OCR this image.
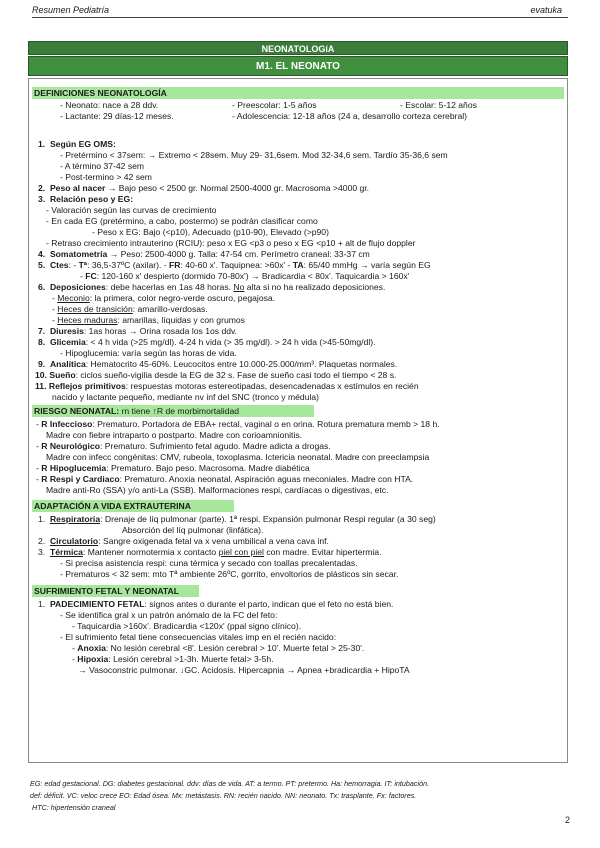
Resumen Pediatría	evatuka
NEONATOLOGíA
M1. EL NEONATO
DEFINICIONES NEONATOLOGÍA
- Neonato: nace a 28 ddv.	- Preescolar: 1-5 años	- Escolar: 5-12 años
- Lactante: 29 días-12 meses.	- Adolescencia: 12-18 años (24 a, desarrollo corteza cerebral)
1. Según EG OMS:
- Pretérmino < 37sem: → Extremo < 28sem. Muy 29- 31,6sem. Mod 32-34,6 sem. Tardío 35-36,6 sem
- A término 37-42 sem
- Post-termino > 42 sem
2. Peso al nacer → Bajo peso < 2500 gr. Normal 2500-4000 gr. Macrosoma >4000 gr.
3. Relación peso y EG:
- Valoración según las curvas de crecimiento
- En cada EG (pretérmino, a cabo, postermo) se podrán clasificar como
- Peso x EG: Bajo (<p10), Adecuado (p10-90), Elevado (>p90)
- Retraso crecimiento intrauterino (RCIU): peso x EG <p3 o peso x EG <p10 + alt de flujo doppler
4. Somatometría → Peso: 2500-4000 g. Talla: 47-54 cm. Perímetro craneal: 33-37 cm
5. Ctes: - Tª: 36,5-37ºC (axilar). - FR: 40-60 x'. Taquipnea: >60x' - TA: 65/40 mmHg → varía según EG
- FC: 120-160 x' despierto (dormido 70-80x') → Bradicardia < 80x'. Taquicardia > 160x'
6. Deposiciones: debe hacerlas en 1as 48 horas. No alta si no ha realizado deposiciones.
- Meconio: la primera, color negro-verde oscuro, pegajosa.
- Heces de transición: amarillo-verdosas.
- Heces maduras: amarillas, líquidas y con grumos
7. Diuresis: 1as horas → Orina rosada los 1os ddv.
8. Glicemia: < 4 h vida (>25 mg/dl). 4-24 h vida (> 35 mg/dl). > 24 h vida (>45-50mg/dl).
- Hipoglucemia: varía según las horas de vida.
9. Analítica: Hematocrito 45-60%. Leucocitos entre 10.000-25.000/mm³. Plaquetas normales.
10. Sueño: ciclos sueño-vigilia desde la EG de 32 s. Fase de sueño casi todo el tiempo < 28 s.
11. Reflejos primitivos: respuestas motoras estereotipadas, desencadenadas x estímulos en recién
nacido y lactante pequeño, mediante nv inf del SNC (tronco y médula)
RIESGO NEONATAL: rn tiene ↑R de morbimortalidad
- R Infeccioso: Prematuro. Portadora de EBA+ rectal, vaginal o en orina. Rotura prematura memb > 18 h.
Madre con fiebre intraparto o postparto. Madre con corioamnionitis.
- R Neurológico: Prematuro. Sufrimiento fetal agudo. Madre adicta a drogas.
Madre con infecc congénitas: CMV, rubeola, toxoplasma. Ictericia neonatal. Madre con preeclampsia
- R Hipoglucemia: Prematuro. Bajo peso. Macrosoma. Madre diabética
- R Respi y Cardiaco: Prematuro. Anoxia neonatal. Aspiración aguas meconiales. Madre con HTA.
Madre anti-Ro (SSA) y/o anti-La (SSB). Malformaciones respi, cardíacas o digestivas, etc.
ADAPTACIÓN A VIDA EXTRAUTERINA
1. Respiratoria: Drenaje de líq pulmonar (parte). 1ª respi. Expansión pulmonar Respi regular (a 30 seg)
Absorción del líq pulmonar (linfática).
2. Circulatorio: Sangre oxigenada fetal va x vena umbilical a vena cava inf.
3. Térmica: Mantener normotermia x contacto piel con piel con madre. Evitar hipertermia.
- Si precisa asistencia respi: cuna térmica y secado con toallas precalentadas.
- Prematuros < 32 sem: mto Tª ambiente 26ºC, gorrito, envoltorios de plásticos sin secar.
SUFRIMIENTO FETAL Y NEONATAL
1. PADECIMIENTO FETAL: signos antes o durante el parto, indican que el feto no está bien.
- Se identifica gral x un patrón anómalo de la FC del feto:
- Taquicardia >160x'. Bradicardia <120x' (ppal signo clínico).
- El sufrimiento fetal tiene consecuencias vitales imp en el recién nacido:
- Anoxia: No lesión cerebral <8'. Lesión cerebral > 10'. Muerte fetal > 25-30'.
- Hipoxia: Lesión cerebral >1-3h. Muerte fetal> 3-5h.
→ Vasoconstric pulmonar. ↓GC. Acidosis. Hipercapnia → Apnea +bradicardia + HipoTA
EG: edad gestacional. DG: diabetes gestacional. ddv: días de vida. AT: a termo. PT: pretermo. Ha: hemorragia. IT: intubación.
def: déficit. VC: veloc crece EO: Edad ósea. Mx: metástasis. RN: recién nacido. NN: neonato. Tx: trasplante. Fx: factores.
HTC: hipertensión craneal
2
